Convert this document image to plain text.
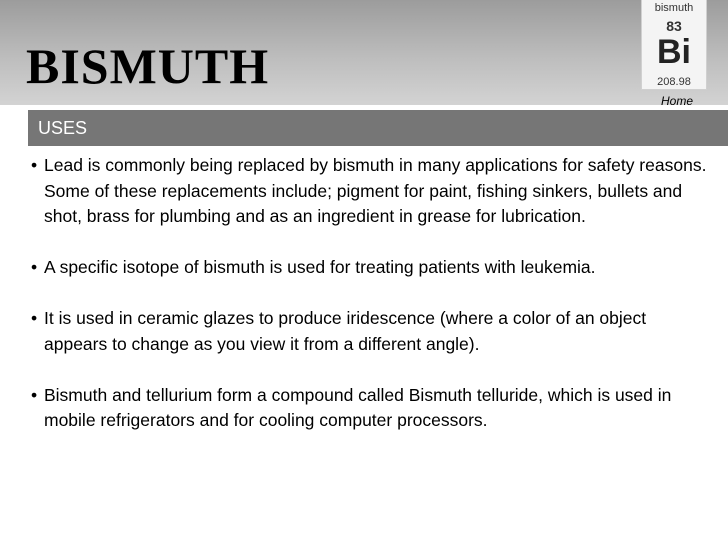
BISMUTH
bismuth
83
Bi
208.98
Home
USES
• Lead is commonly being replaced by bismuth in many applications for safety reasons. Some of these replacements include; pigment for paint, fishing sinkers, bullets and shot, brass for plumbing and as an ingredient in grease for lubrication.
• A specific isotope of bismuth is used for treating patients with leukemia.
• It is used in ceramic glazes to produce iridescence (where a color of an object appears to change as you view it from a different angle).
• Bismuth and tellurium form a compound called Bismuth telluride, which is used in mobile refrigerators and for cooling computer processors.
